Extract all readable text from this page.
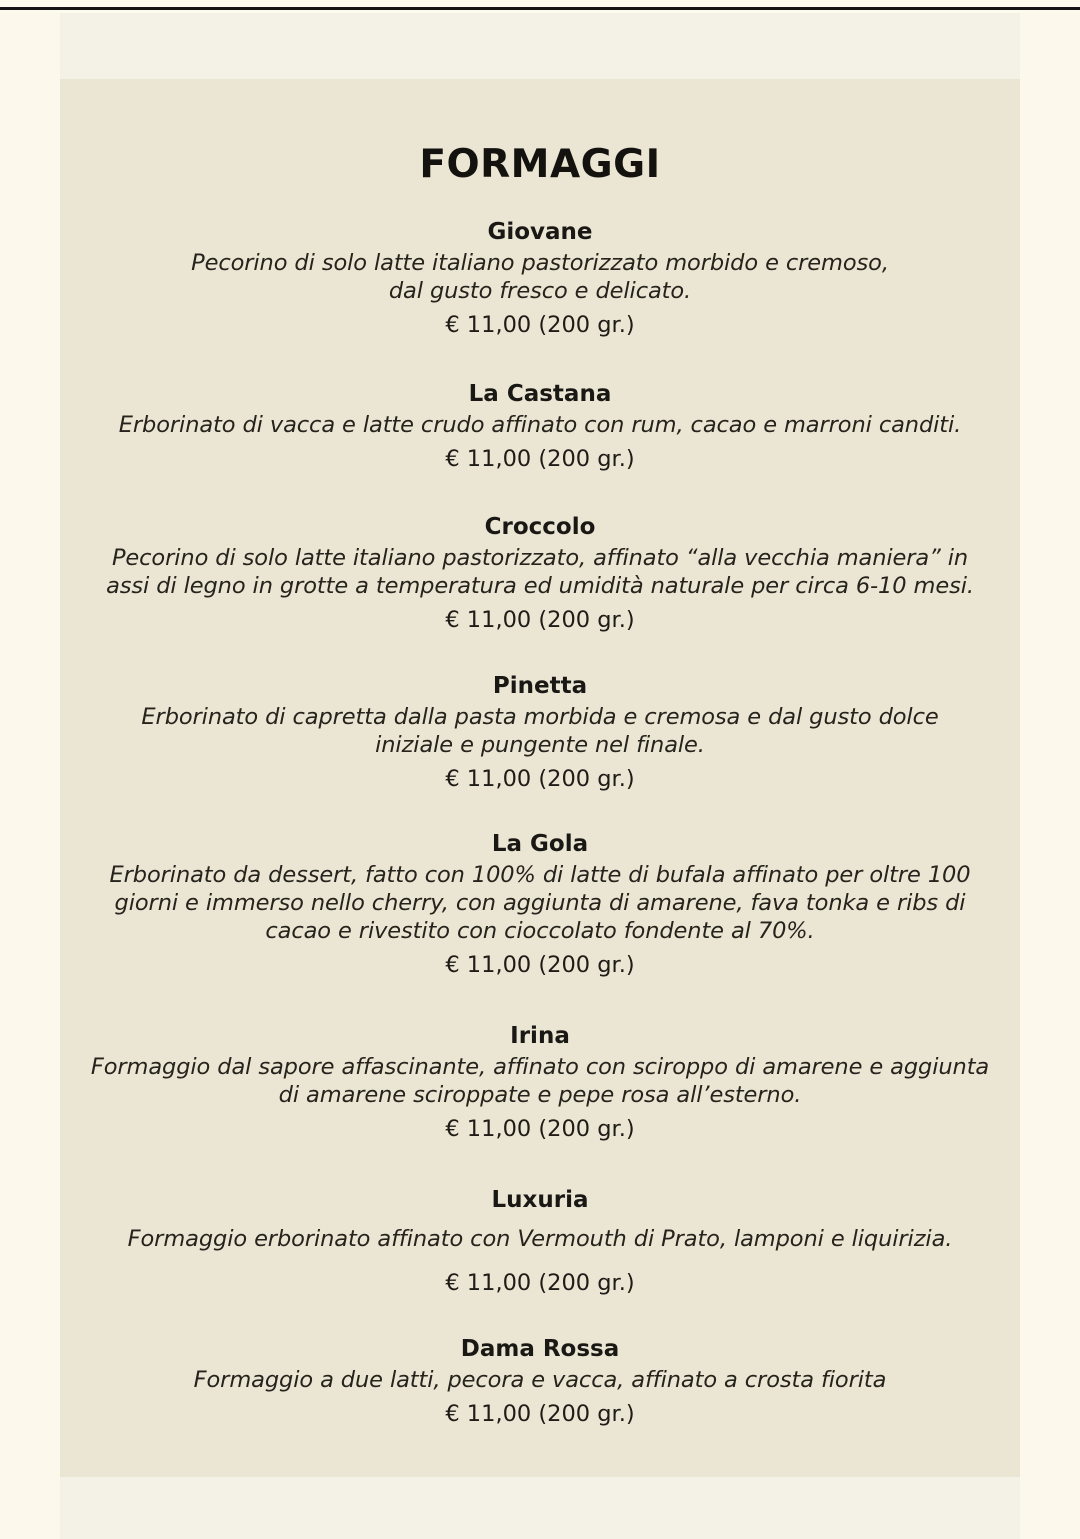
FORMAGGI
Giovane
Pecorino di solo latte italiano pastorizzato morbido e cremoso,
dal gusto fresco e delicato.
€ 11,00 (200 gr.)
La Castana
Erborinato di vacca e latte crudo affinato con rum, cacao e marroni canditi.
€ 11,00 (200 gr.)
Croccolo
Pecorino di solo latte italiano pastorizzato, affinato “alla vecchia maniera” in
assi di legno in grotte a temperatura ed umidità naturale per circa 6-10 mesi.
€ 11,00 (200 gr.)
Pinetta
Erborinato di capretta dalla pasta morbida e cremosa e dal gusto dolce
iniziale e pungente nel finale.
€ 11,00 (200 gr.)
La Gola
Erborinato da dessert, fatto con 100% di latte di bufala affinato per oltre 100
giorni e immerso nello cherry, con aggiunta di amarene, fava tonka e ribs di
cacao e rivestito con cioccolato fondente al 70%.
€ 11,00 (200 gr.)
Irina
Formaggio dal sapore affascinante, affinato con sciroppo di amarene e aggiunta
di amarene sciroppate e pepe rosa all’esterno.
€ 11,00 (200 gr.)
Luxuria
Formaggio erborinato affinato con Vermouth di Prato, lamponi e liquirizia.
€ 11,00 (200 gr.)
Dama Rossa
Formaggio a due latti, pecora e vacca, affinato a crosta fiorita
€ 11,00 (200 gr.)
